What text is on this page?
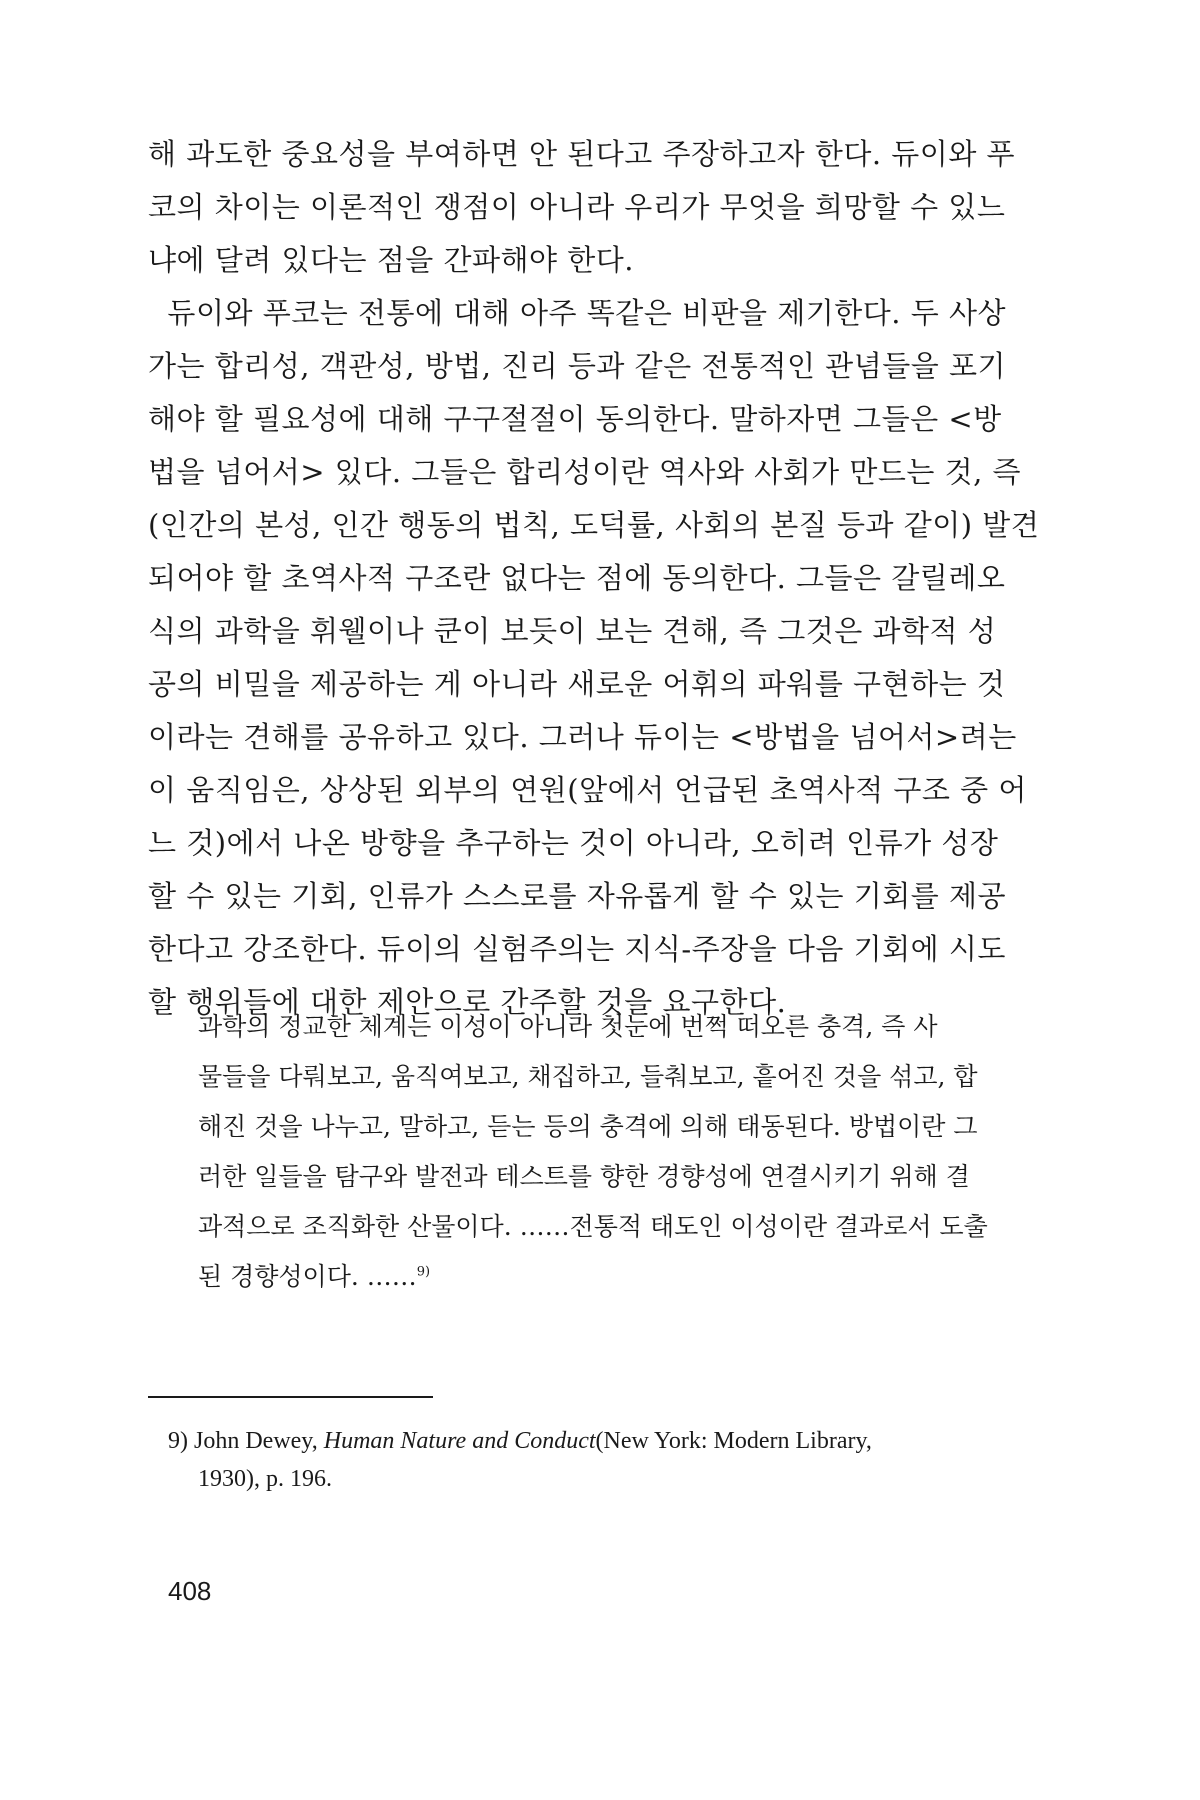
해 과도한 중요성을 부여하면 안 된다고 주장하고자 한다. 듀이와 푸
코의 차이는 이론적인 쟁점이 아니라 우리가 무엇을 희망할 수 있느
냐에 달려 있다는 점을 간파해야 한다.
듀이와 푸코는 전통에 대해 아주 똑같은 비판을 제기한다. 두 사상
가는 합리성, 객관성, 방법, 진리 등과 같은 전통적인 관념들을 포기
해야 할 필요성에 대해 구구절절이 동의한다. 말하자면 그들은 <방
법을 넘어서> 있다. 그들은 합리성이란 역사와 사회가 만드는 것, 즉
(인간의 본성, 인간 행동의 법칙, 도덕률, 사회의 본질 등과 같이) 발견
되어야 할 초역사적 구조란 없다는 점에 동의한다. 그들은 갈릴레오
식의 과학을 휘웰이나 쿤이 보듯이 보는 견해, 즉 그것은 과학적 성
공의 비밀을 제공하는 게 아니라 새로운 어휘의 파워를 구현하는 것
이라는 견해를 공유하고 있다. 그러나 듀이는 <방법을 넘어서>려는
이 움직임은, 상상된 외부의 연원(앞에서 언급된 초역사적 구조 중 어
느 것)에서 나온 방향을 추구하는 것이 아니라, 오히려 인류가 성장
할 수 있는 기회, 인류가 스스로를 자유롭게 할 수 있는 기회를 제공
한다고 강조한다. 듀이의 실험주의는 지식-주장을 다음 기회에 시도
할 행위들에 대한 제안으로 간주할 것을 요구한다.
과학의 정교한 체계는 이성이 아니라 첫눈에 번쩍 떠오른 충격, 즉 사
물들을 다뤄보고, 움직여보고, 채집하고, 들춰보고, 흩어진 것을 섞고, 합
해진 것을 나누고, 말하고, 듣는 등의 충격에 의해 태동된다. 방법이란 그
러한 일들을 탐구와 발전과 테스트를 향한 경향성에 연결시키기 위해 결
과적으로 조직화한 산물이다. ……전통적 태도인 이성이란 결과로서 도출
된 경향성이다. ……$^{9)}$
9) John Dewey, Human Nature and Conduct(New York: Modern Library,
1930), p. 196.
408
